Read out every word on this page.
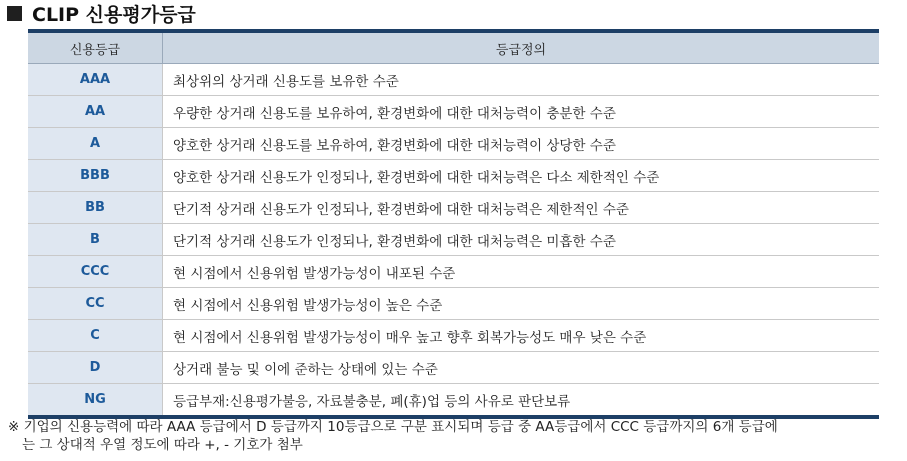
CLIP 신용평가등급
신용등급	등급정의
AAA	최상위의 상거래 신용도를 보유한 수준
AA	우량한 상거래 신용도를 보유하여, 환경변화에 대한 대처능력이 충분한 수준
A	양호한 상거래 신용도를 보유하여, 환경변화에 대한 대처능력이 상당한 수준
BBB	양호한 상거래 신용도가 인정되나, 환경변화에 대한 대처능력은 다소 제한적인 수준
BB	단기적 상거래 신용도가 인정되나, 환경변화에 대한 대처능력은 제한적인 수준
B	단기적 상거래 신용도가 인정되나, 환경변화에 대한 대처능력은 미흡한 수준
CCC	현 시점에서 신용위험 발생가능성이 내포된 수준
CC	현 시점에서 신용위험 발생가능성이 높은 수준
C	현 시점에서 신용위험 발생가능성이 매우 높고 향후 회복가능성도 매우 낮은 수준
D	상거래 불능 및 이에 준하는 상태에 있는 수준
NG	등급부재:신용평가불응, 자료불충분, 폐(휴)업 등의 사유로 판단보류
※ 기업의 신용능력에 따라 AAA 등급에서 D 등급까지 10등급으로 구분 표시되며 등급 중 AA등급에서 CCC 등급까지의 6개 등급에
는 그 상대적 우열 정도에 따라 +, - 기호가 첨부
